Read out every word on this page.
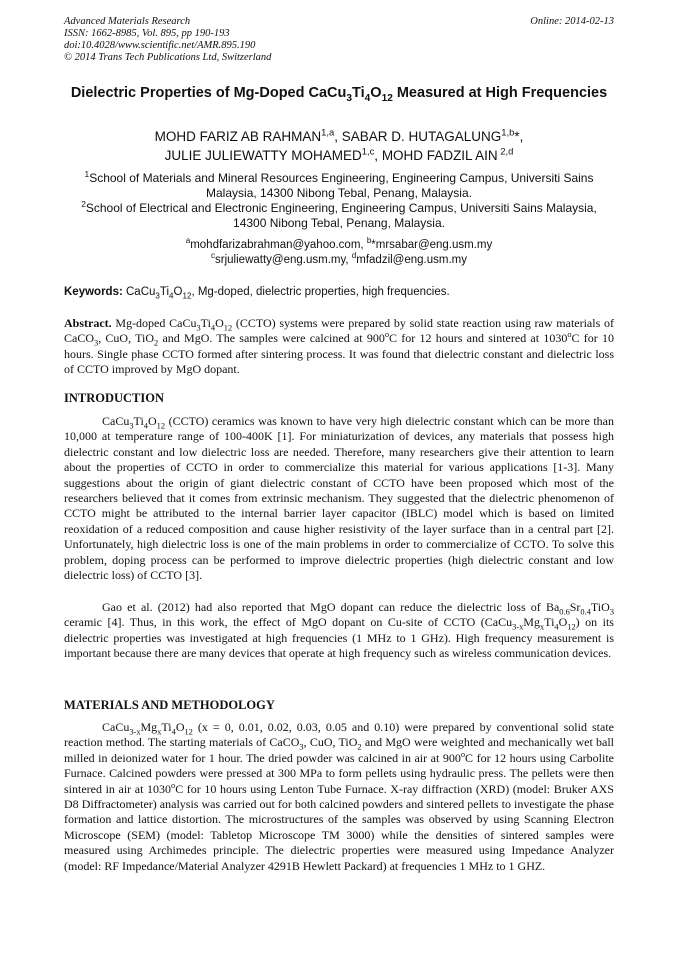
Advanced Materials Research
ISSN: 1662-8985, Vol. 895, pp 190-193
doi:10.4028/www.scientific.net/AMR.895.190
© 2014 Trans Tech Publications Ltd, Switzerland
Online: 2014-02-13
Dielectric Properties of Mg-Doped $CaCu_3Ti_4O_{12}$ Measured at High Frequencies
MOHD FARIZ AB RAHMAN$^{1,a}$, SABAR D. HUTAGALUNG$^{1,b}$*,
JULIE JULIEWATTY MOHAMED$^{1,c}$, MOHD FADZIL AIN $^{2,d}$

$^1$School of Materials and Mineral Resources Engineering, Engineering Campus, Universiti Sains Malaysia, 14300 Nibong Tebal, Penang, Malaysia.

$^2$School of Electrical and Electronic Engineering, Engineering Campus, Universiti Sains Malaysia, 14300 Nibong Tebal, Penang, Malaysia.

$^a$mohdfarizabrahman@yahoo.com, $^b$*mrsabar@eng.usm.my
$^c$srjuliewatty@eng.usm.my, $^d$mfadzil@eng.usm.my
Keywords: $CaCu_3Ti_4O_{12}$, Mg-doped, dielectric properties, high frequencies.

Abstract. Mg-doped $CaCu_3Ti_4O_{12}$ (CCTO) systems were prepared by solid state reaction using raw materials of CaCO$_3$, CuO, TiO$_2$ and MgO. The samples were calcined at 900$^o$C for 12 hours and sintered at 1030$^o$C for 10 hours. Single phase CCTO formed after sintering process. It was found that dielectric constant and dielectric loss of CCTO improved by MgO dopant.

INTRODUCTION

$CaCu_3Ti_4O_{12}$ (CCTO) ceramics was known to have very high dielectric constant which can be more than 10,000 at temperature range of 100-400K [1]. For miniaturization of devices, any materials that possess high dielectric constant and low dielectric loss are needed. Therefore, many researchers give their attention to learn about the properties of CCTO in order to commercialize this material for various applications [1-3]. Many suggestions about the origin of giant dielectric constant of CCTO have been proposed which most of the researchers believed that it comes from extrinsic mechanism. They suggested that the dielectric phenomenon of CCTO might be attributed to the internal barrier layer capacitor (IBLC) model which is based on limited reoxidation of a reduced composition and cause higher resistivity of the layer surface than in a central part [2]. Unfortunately, high dielectric loss is one of the main problems in order to commercialize of CCTO. To solve this problem, doping process can be performed to improve dielectric properties (high dielectric constant and low dielectric loss) of CCTO [3].

Gao et al. (2012) had also reported that MgO dopant can reduce the dielectric loss of $Ba_{0.6}Sr_{0.4}TiO_3$ ceramic [4]. Thus, in this work, the effect of MgO dopant on Cu-site of CCTO $(CaCu_{3-x}Mg_xTi_4O_{12})$ on its dielectric properties was investigated at high frequencies (1 MHz to 1 GHz). High frequency measurement is important because there are many devices that operate at high frequency such as wireless communication devices.

MATERIALS AND METHODOLOGY

$CaCu_{3-x}Mg_xTi_4O_{12}$ (x = 0, 0.01, 0.02, 0.03, 0.05 and 0.10) were prepared by conventional solid state reaction method. The starting materials of CaCO$_3$, CuO, TiO$_2$ and MgO were weighted and mechanically wet ball milled in deionized water for 1 hour. The dried powder was calcined in air at 900$^o$C for 12 hours using Carbolite Furnace. Calcined powders were pressed at 300 MPa to form pellets using hydraulic press. The pellets were then sintered in air at 1030$^o$C for 10 hours using Lenton Tube Furnace. X-ray diffraction (XRD) (model: Bruker AXS D8 Diffractometer) analysis was carried out for both calcined powders and sintered pellets to investigate the phase formation and lattice distortion. The microstructures of the samples was observed by using Scanning Electron Microscope (SEM) (model: Tabletop Microscope TM 3000) while the densities of sintered samples were measured using Archimedes principle. The dielectric properties were measured using Impedance Analyzer (model: RF Impedance/Material Analyzer 4291B Hewlett Packard) at frequencies 1 MHz to 1 GHZ.
